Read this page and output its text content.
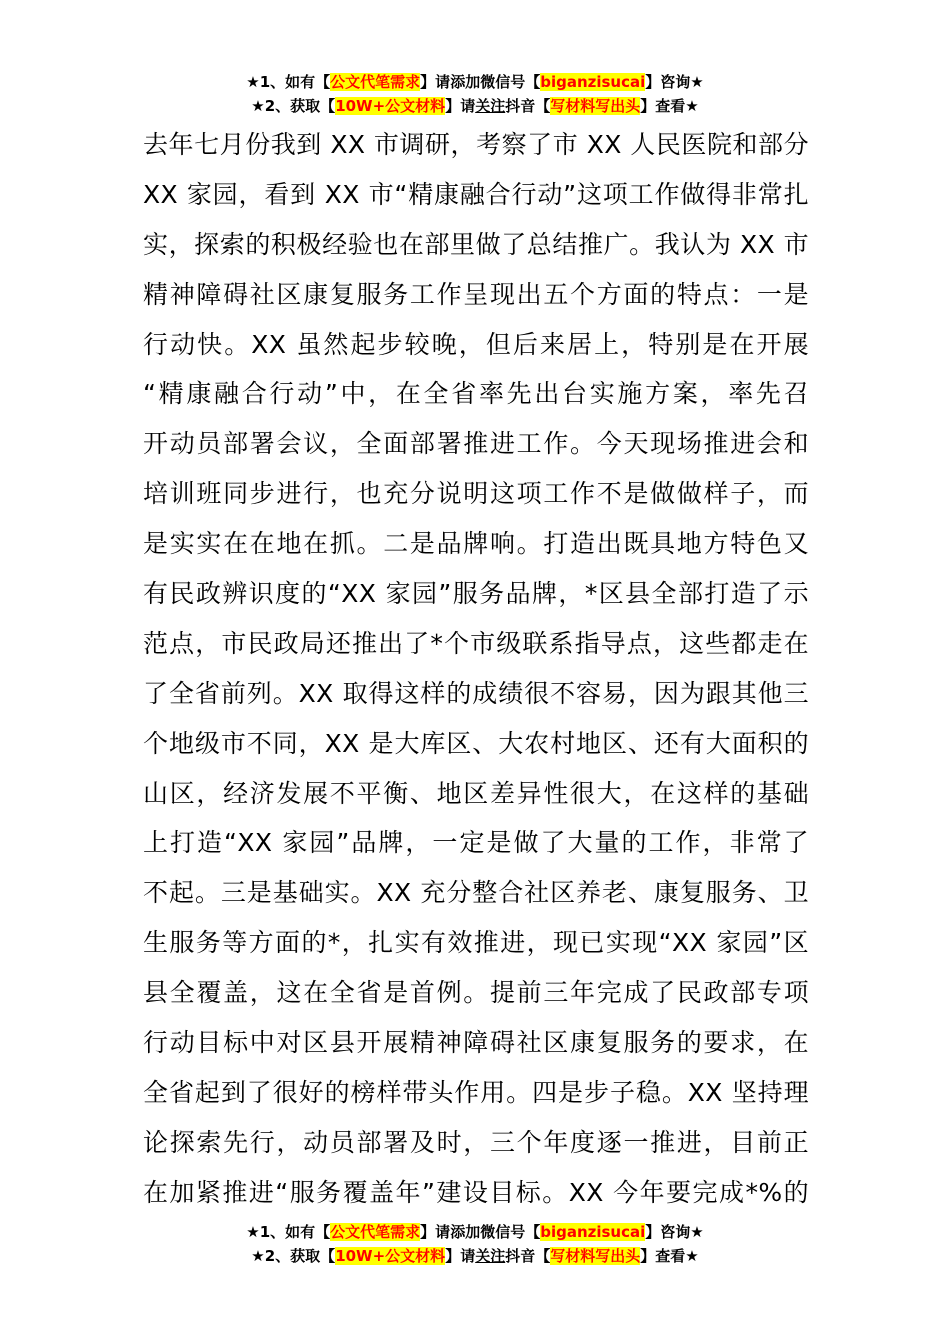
★1、如有【公文代笔需求】请添加微信号【biganzisucai】咨询★
★2、获取【10W+公文材料】请关注抖音【写材料写出头】查看★
去年七月份我到 XX 市调研，考察了市 XX 人民医院和部分
XX 家园，看到 XX 市“精康融合行动”这项工作做得非常扎
实，探索的积极经验也在部里做了总结推广。我认为 XX 市
精神障碍社区康复服务工作呈现出五个方面的特点：一是
行动快。XX 虽然起步较晚，但后来居上，特别是在开展
“精康融合行动”中，在全省率先出台实施方案，率先召
开动员部署会议，全面部署推进工作。今天现场推进会和
培训班同步进行，也充分说明这项工作不是做做样子，而
是实实在在地在抓。二是品牌响。打造出既具地方特色又
有民政辨识度的“XX 家园”服务品牌，*区县全部打造了示
范点，市民政局还推出了*个市级联系指导点，这些都走在
了全省前列。XX 取得这样的成绩很不容易，因为跟其他三
个地级市不同，XX 是大库区、大农村地区、还有大面积的
山区，经济发展不平衡、地区差异性很大，在这样的基础
上打造“XX 家园”品牌，一定是做了大量的工作，非常了
不起。三是基础实。XX 充分整合社区养老、康复服务、卫
生服务等方面的*，扎实有效推进，现已实现“XX 家园”区
县全覆盖，这在全省是首例。提前三年完成了民政部专项
行动目标中对区县开展精神障碍社区康复服务的要求，在
全省起到了很好的榜样带头作用。四是步子稳。XX 坚持理
论探索先行，动员部署及时，三个年度逐一推进，目前正
在加紧推进“服务覆盖年”建设目标。XX 今年要完成*%的
★1、如有【公文代笔需求】请添加微信号【biganzisucai】咨询★
★2、获取【10W+公文材料】请关注抖音【写材料写出头】查看★
